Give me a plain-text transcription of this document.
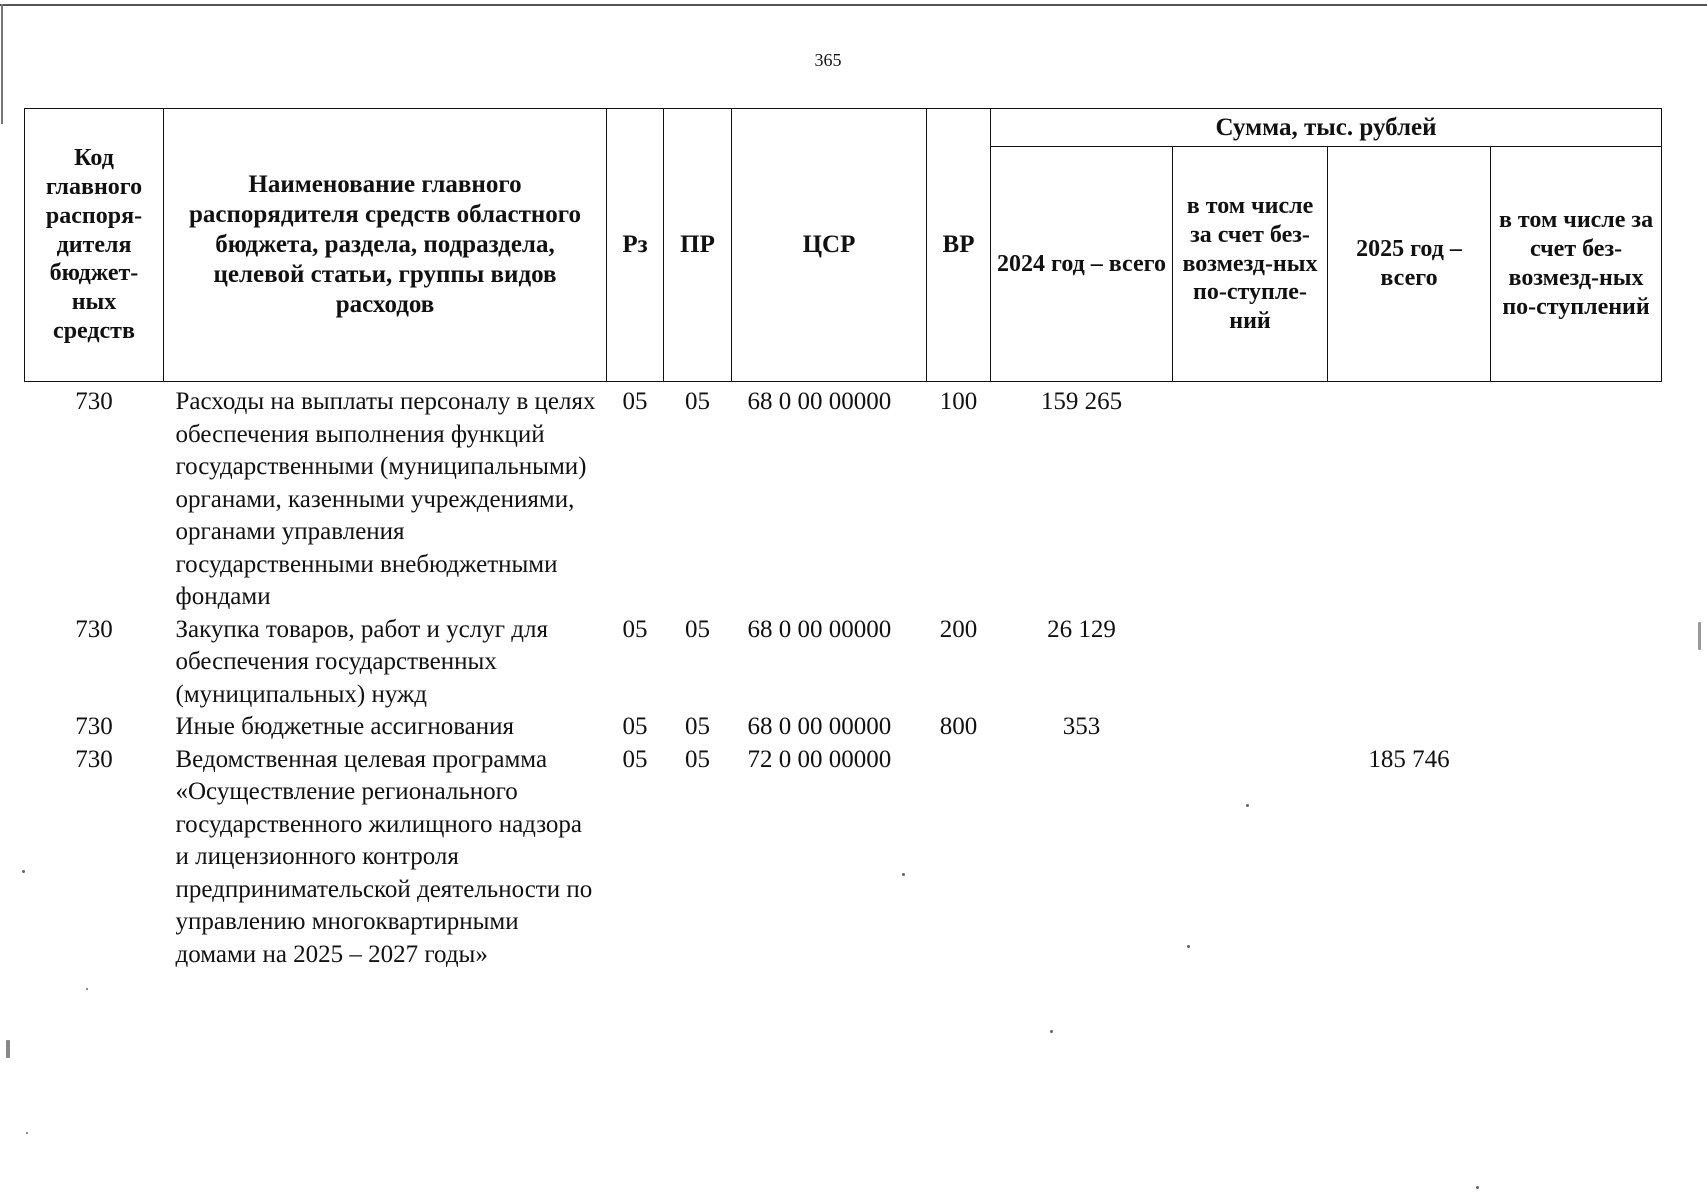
365
Код главного распоря-дителя бюджет-ных средств	Наименование главного распорядителя средств областного бюджета, раздела, подраздела, целевой статьи, группы видов расходов	Рз	ПР	ЦСР	ВР	Сумма, тыс. рублей			
						2024 год – всего	в том числе за счет без-возмезд-ных по-ступле-ний	2025 год – всего	в том числе за счет без-возмезд-ных по-ступлений
730	Расходы на выплаты персоналу в целях обеспечения выполнения функций государственными (муниципальными) органами, казенными учреждениями, органами управления государственными внебюджетными фондами	05	05	68 0 00 00000	100	159 265			
730	Закупка товаров, работ и услуг для обеспечения государственных (муниципальных) нужд	05	05	68 0 00 00000	200	26 129			
730	Иные бюджетные ассигнования	05	05	68 0 00 00000	800	353			
730	Ведомственная целевая программа «Осуществление регионального государственного жилищного надзора и лицензионного контроля предпринимательской деятельности по управлению многоквартирными домами на 2025 – 2027 годы»	05	05	72 0 00 00000				185 746	
